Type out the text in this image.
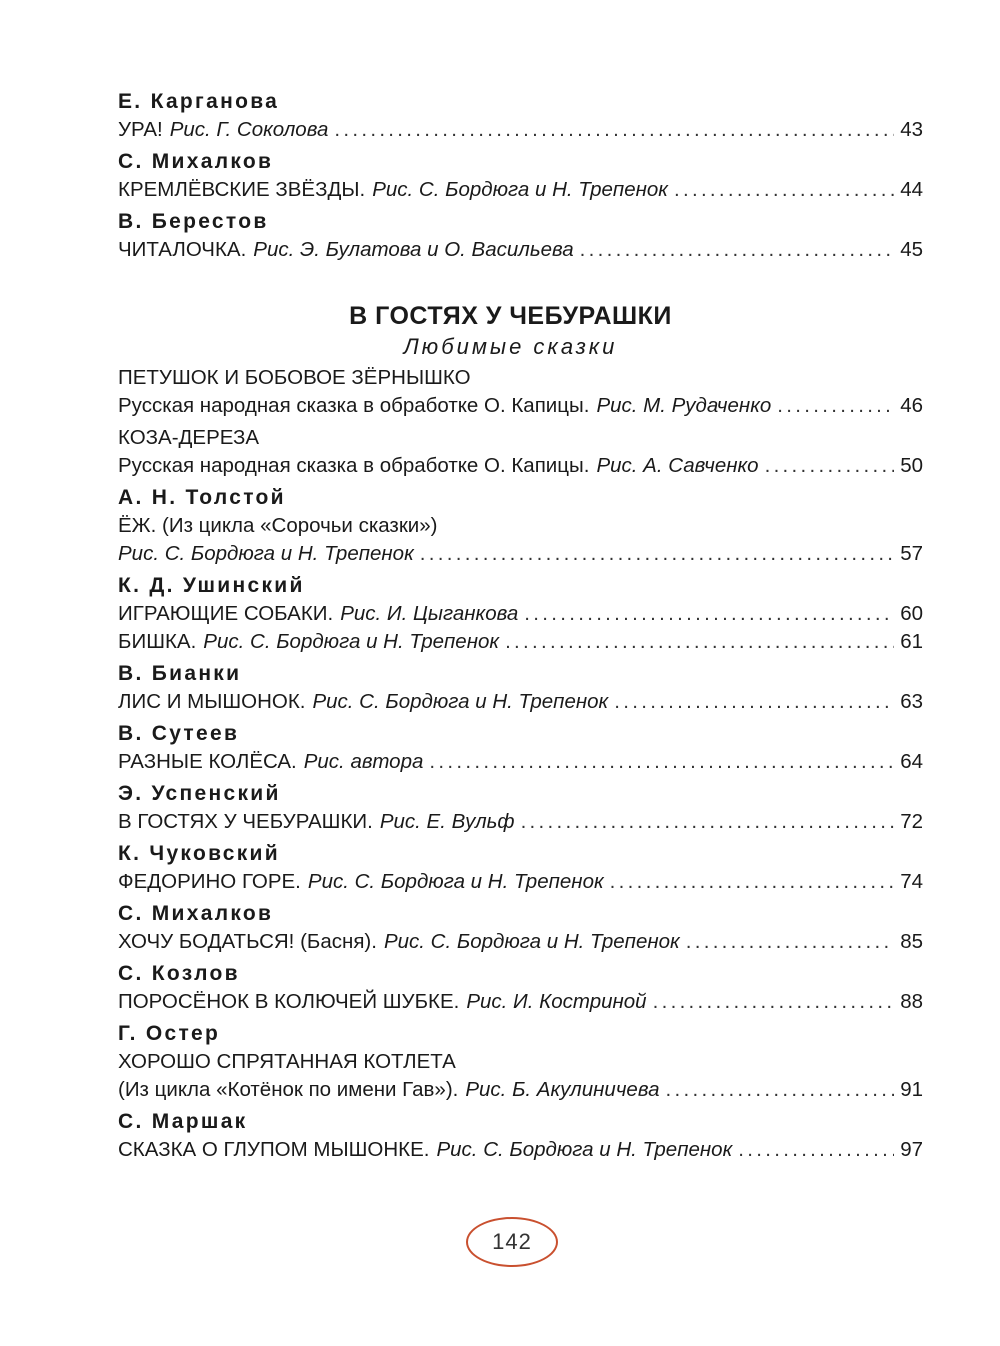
Е. Карганова
УРА! Рис. Г. Соколова . . .	43
С. Михалков
КРЕМЛЁВСКИЕ ЗВЁЗДЫ. Рис. С. Бордюга и Н. Трепенок . . .	44
В. Берестов
ЧИТАЛОЧКА. Рис. Э. Булатова и О. Васильева . . .	45
В ГОСТЯХ У ЧЕБУРАШКИ
Любимые сказки
ПЕТУШОК И БОБОВОЕ ЗЁРНЫШКО
Русская народная сказка в обработке О. Капицы. Рис. М. Рудаченко . . .	46
КОЗА-ДЕРЕЗА
Русская народная сказка в обработке О. Капицы. Рис. А. Савченко . . .	50
А. Н. Толстой
ЁЖ. (Из цикла «Сорочьи сказки»)
Рис. С. Бордюга и Н. Трепенок . . .	57
К. Д. Ушинский
ИГРАЮЩИЕ СОБАКИ. Рис. И. Цыганкова . . .	60
БИШКА. Рис. С. Бордюга и Н. Трепенок . . .	61
В. Бианки
ЛИС И МЫШОНОК. Рис. С. Бордюга и Н. Трепенок . . .	63
В. Сутеев
РАЗНЫЕ КОЛЁСА. Рис. автора . . .	64
Э. Успенский
В ГОСТЯХ У ЧЕБУРАШКИ. Рис. Е. Вульф . . .	72
К. Чуковский
ФЕДОРИНО ГОРЕ. Рис. С. Бордюга и Н. Трепенок . . .	74
С. Михалков
ХОЧУ БОДАТЬСЯ! (Басня). Рис. С. Бордюга и Н. Трепенок . . .	85
С. Козлов
ПОРОСЁНОК В КОЛЮЧЕЙ ШУБКЕ. Рис. И. Костриной . . .	88
Г. Остер
ХОРОШО СПРЯТАННАЯ КОТЛЕТА
(Из цикла «Котёнок по имени Гав»). Рис. Б. Акулиничева . . .	91
С. Маршак
СКАЗКА О ГЛУПОМ МЫШОНКЕ. Рис. С. Бордюга и Н. Трепенок . . .	97
142
